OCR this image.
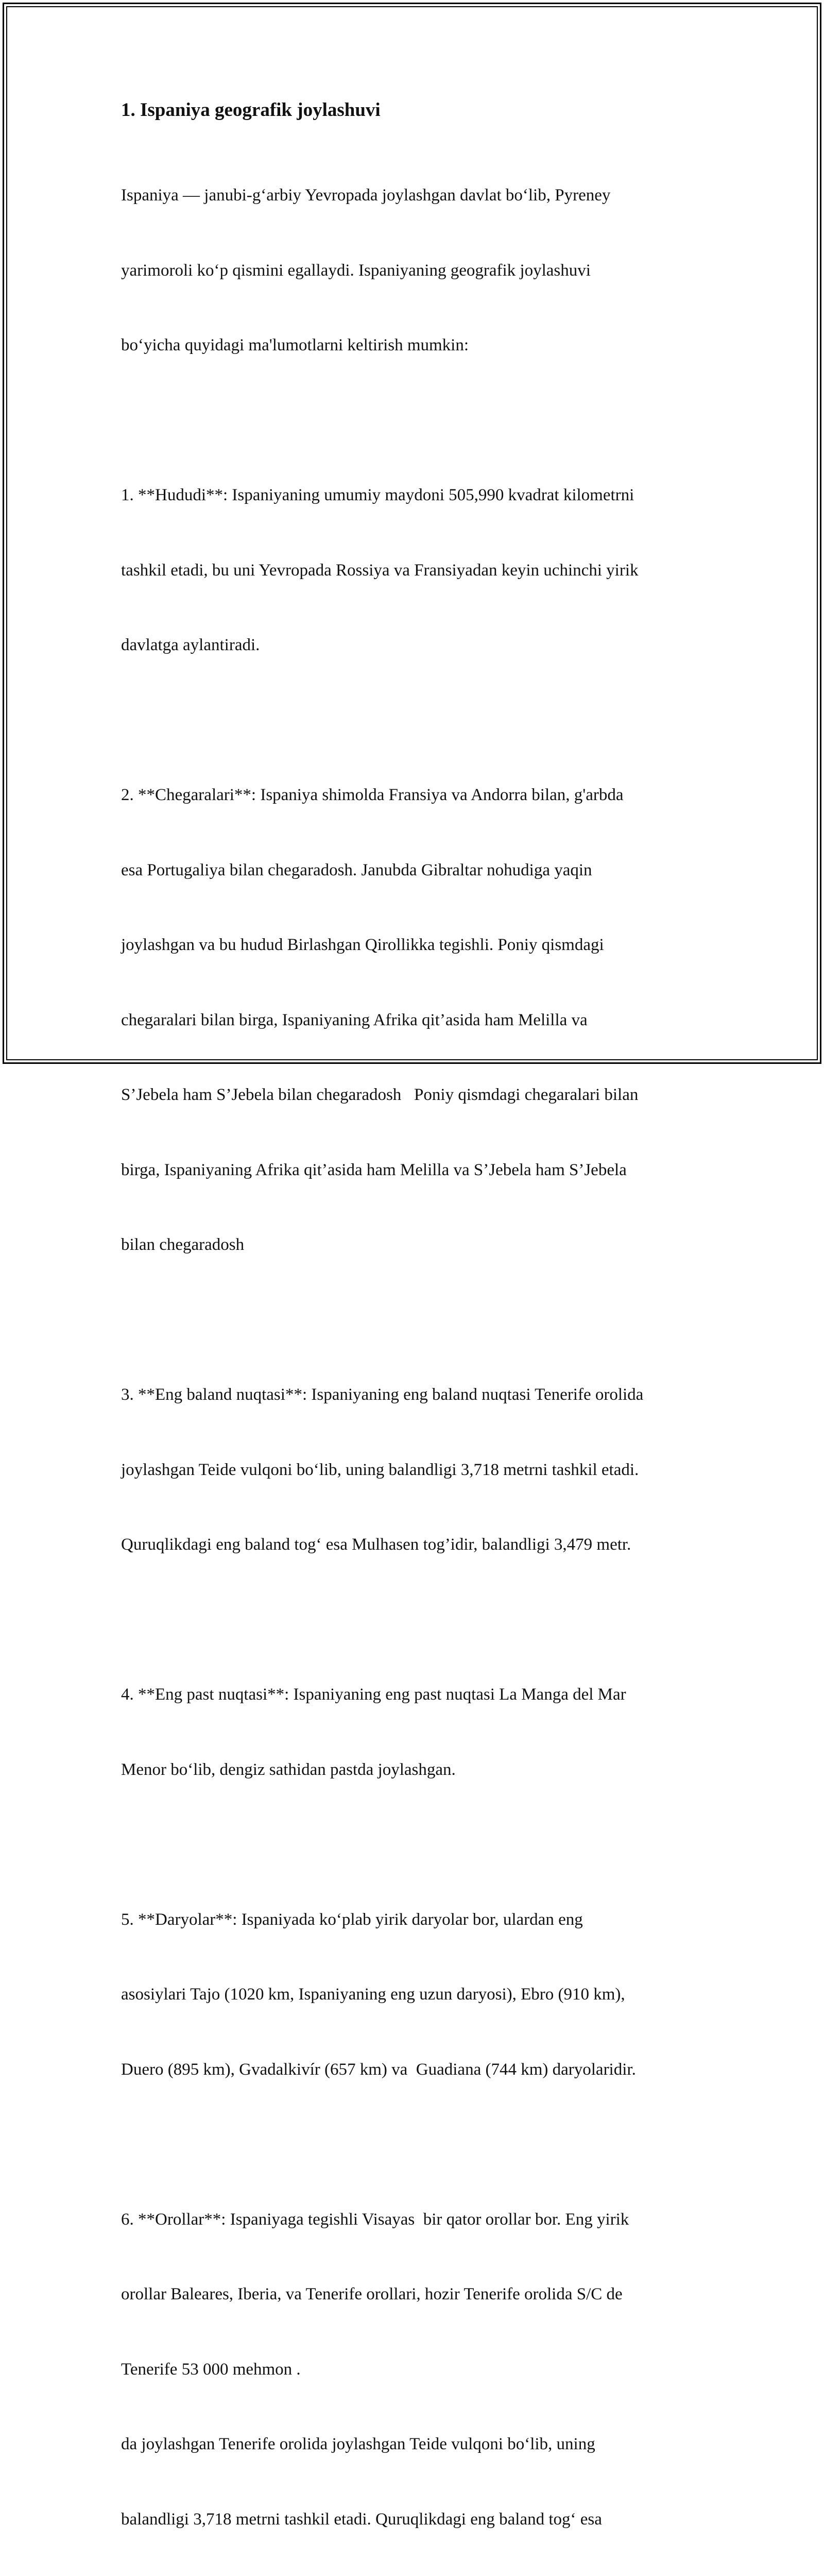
1. Ispaniya geografik joylashuvi

Ispaniya — janubi-g‘arbiy Yevropada joylashgan davlat bo‘lib, Pyreney

yarimoroli ko‘p qismini egallaydi. Ispaniyaning geografik joylashuvi

bo‘yicha quyidagi ma'lumotlarni keltirish mumkin:

1. **Hududi**: Ispaniyaning umumiy maydoni 505,990 kvadrat kilometrni

tashkil etadi, bu uni Yevropada Rossiya va Fransiyadan keyin uchinchi yirik

davlatga aylantiradi.

2. **Chegaralari**: Ispaniya shimolda Fransiya va Andorra bilan, g'arbda

esa Portugaliya bilan chegaradosh. Janubda Gibraltar nohudiga yaqin

joylashgan va bu hudud Birlashgan Qirollikka tegishli. Poniy qismdagi

chegaralari bilan birga, Ispaniyaning Afrika qit’asida ham Melilla va

S’Jebela ham S’Jebela bilan chegaradosh   Poniy qismdagi chegaralari bilan

birga, Ispaniyaning Afrika qit’asida ham Melilla va S’Jebela ham S’Jebela

bilan chegaradosh

3. **Eng baland nuqtasi**: Ispaniyaning eng baland nuqtasi Tenerife orolida

joylashgan Teide vulqoni bo‘lib, uning balandligi 3,718 metrni tashkil etadi.

Quruqlikdagi eng baland tog‘ esa Mulhasen tog’idir, balandligi 3,479 metr.

4. **Eng past nuqtasi**: Ispaniyaning eng past nuqtasi La Manga del Mar

Menor bo‘lib, dengiz sathidan pastda joylashgan.

5. **Daryolar**: Ispaniyada ko‘plab yirik daryolar bor, ulardan eng

asosiylari Tajo (1020 km, Ispaniyaning eng uzun daryosi), Ebro (910 km),

Duero (895 km), Gvadalkivír (657 km) va  Guadiana (744 km) daryolaridir.

6. **Orollar**: Ispaniyaga tegishli Visayas  bir qator orollar bor. Eng yirik

orollar Baleares, Iberia, va Tenerife orollari, hozir Tenerife orolida S/C de

Tenerife 53 000 mehmon .

da joylashgan Tenerife orolida joylashgan Teide vulqoni bo‘lib, uning

balandligi 3,718 metrni tashkil etadi. Quruqlikdagi eng baland tog‘ esa
